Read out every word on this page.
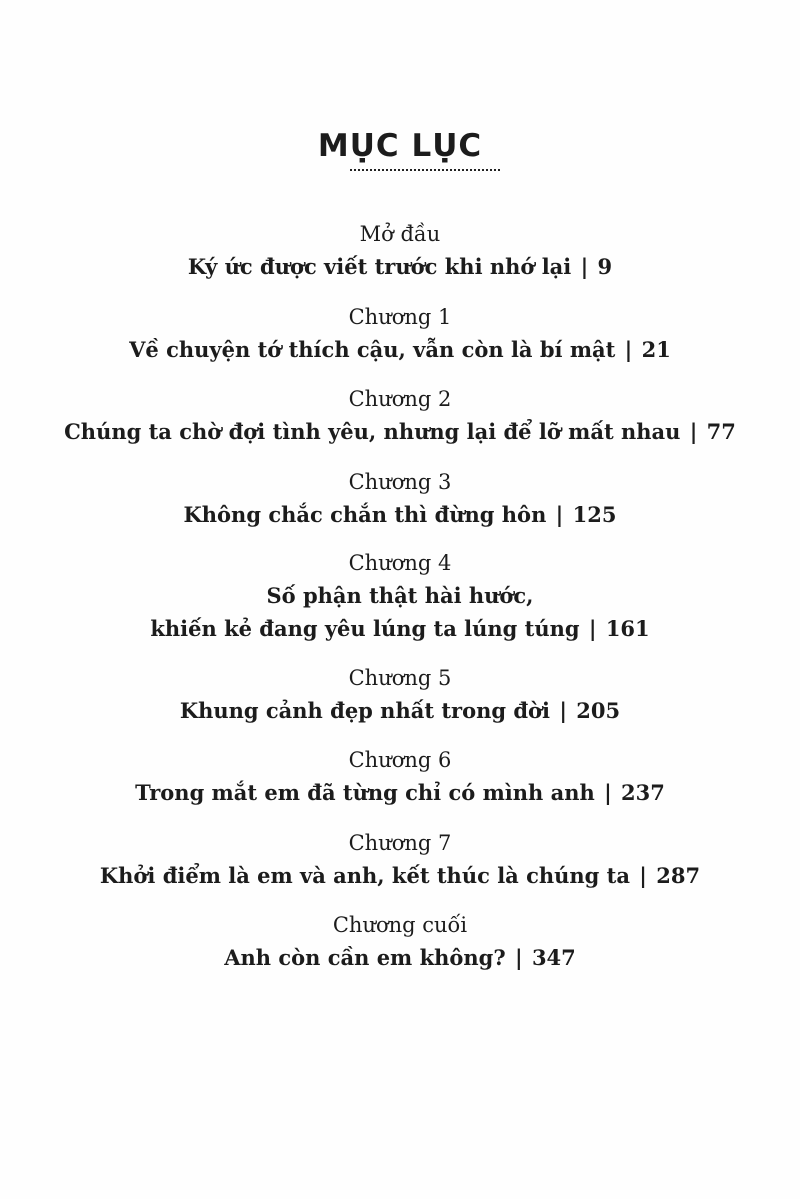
MỤC LỤC
Mở đầu
Ký ức được viết trước khi nhớ lại | 9
Chương 1
Về chuyện tớ thích cậu, vẫn còn là bí mật | 21
Chương 2
Chúng ta chờ đợi tình yêu, nhưng lại để lỡ mất nhau | 77
Chương 3
Không chắc chắn thì đừng hôn | 125
Chương 4
Số phận thật hài hước,
khiến kẻ đang yêu lúng ta lúng túng | 161
Chương 5
Khung cảnh đẹp nhất trong đời | 205
Chương 6
Trong mắt em đã từng chỉ có mình anh | 237
Chương 7
Khởi điểm là em và anh, kết thúc là chúng ta | 287
Chương cuối
Anh còn cần em không? | 347
